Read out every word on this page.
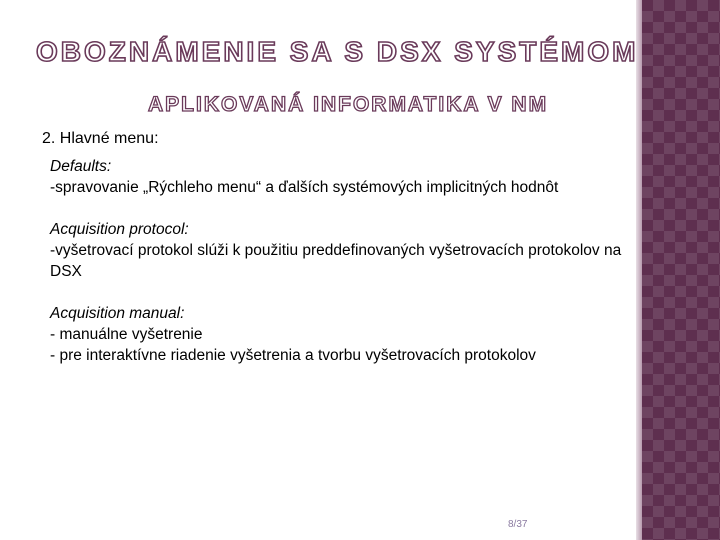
OBOZNÁMENIE SA S DSX SYSTÉMOM
APLIKOVANÁ INFORMATIKA V NM

2. Hlavné menu:

Defaults:
-spravovanie „Rýchleho menu“ a ďalších systémových implicitných hodnôt
Acquisition protocol:
-vyšetrovací protokol slúži k použitiu preddefinovaných vyšetrovacích protokolov na DSX
Acquisition manual:
- manuálne vyšetrenie
- pre interaktívne riadenie vyšetrenia a tvorbu vyšetrovacích protokolov
8/37
